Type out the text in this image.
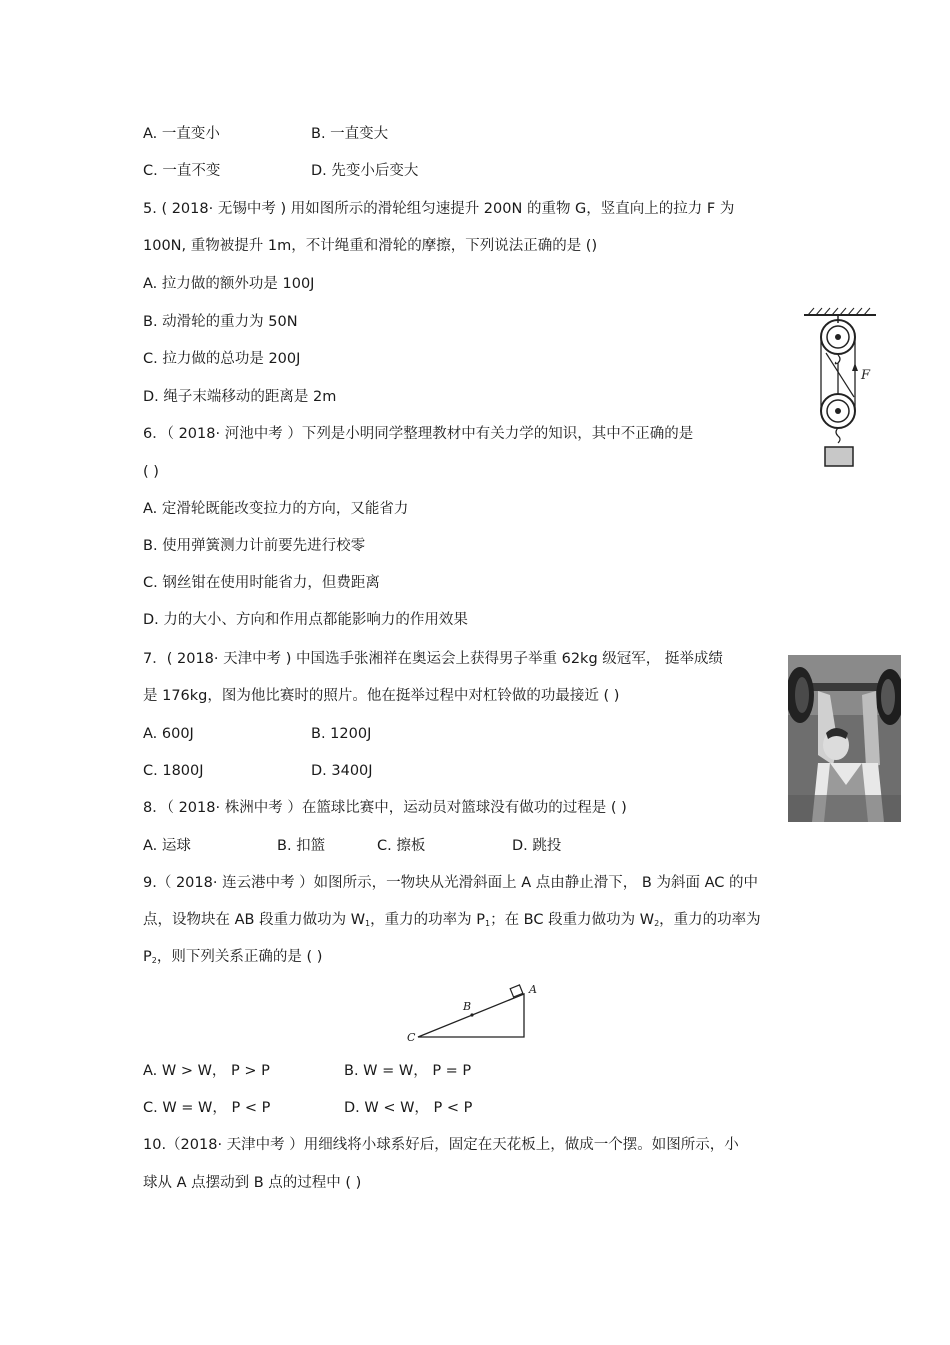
A. 一直变小	B. 一直变大
C. 一直不变	D. 先变小后变大
5. ( 2018· 无锡中考 ) 用如图所示的滑轮组匀速提升 200N 的重物 G，竖直向上的拉力 F 为
100N, 重物被提升 1m，不计绳重和滑轮的摩擦，下列说法正确的是 ()
A. 拉力做的额外功是 100J
B. 动滑轮的重力为 50N
C. 拉力做的总功是 200J
D. 绳子末端移动的距离是 2m
F
6．（ 2018· 河池中考 ）下列是小明同学整理教材中有关力学的知识，其中不正确的是
( )
A. 定滑轮既能改变拉力的方向，又能省力
B. 使用弹簧测力计前要先进行校零
C. 钢丝钳在使用时能省力，但费距离
D. 力的大小、方向和作用点都能影响力的作用效果
7．( 2018· 天津中考 ) 中国选手张湘祥在奥运会上获得男子举重 62kg 级冠军， 挺举成绩
是 176kg，图为他比赛时的照片。他在挺举过程中对杠铃做的功最接近 ( )
A. 600J	B. 1200J
C. 1800J	D. 3400J
8．（ 2018· 株洲中考 ）在篮球比赛中，运动员对篮球没有做功的过程是 ( )
A. 运球	B. 扣篮	C. 擦板	D. 跳投
9.（ 2018· 连云港中考 ）如图所示，一物块从光滑斜面上 A 点由静止滑下， B 为斜面 AC 的中
点，设物块在 AB 段重力做功为 $W_1$，重力的功率为 $P_1$；在 BC 段重力做功为 $W_2$，重力的功率为
$P_2$，则下列关系正确的是 ( )
A
B
C
A. W > W， P > P	B. W = W， P = P
C. W = W， P < P	D. W < W， P < P
10.（2018· 天津中考 ）用细线将小球系好后，固定在天花板上，做成一个摆。如图所示，小
球从 A 点摆动到 B 点的过程中 ( )
